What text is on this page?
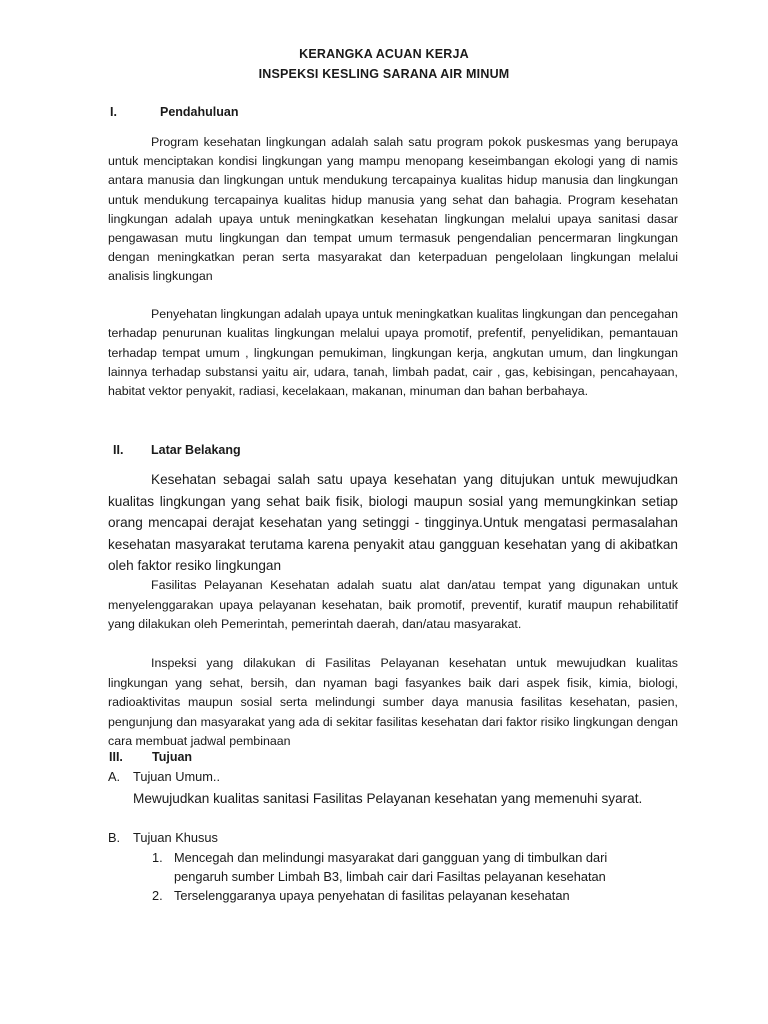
KERANGKA ACUAN KERJA
INSPEKSI KESLING SARANA AIR MINUM
I.	Pendahuluan
Program kesehatan lingkungan adalah salah satu program pokok puskesmas yang berupaya untuk menciptakan kondisi lingkungan yang mampu menopang keseimbangan ekologi yang di namis antara manusia dan lingkungan untuk mendukung tercapainya kualitas hidup manusia dan lingkungan untuk mendukung tercapainya kualitas hidup manusia yang sehat dan bahagia. Program kesehatan lingkungan adalah upaya untuk meningkatkan kesehatan lingkungan melalui upaya sanitasi dasar pengawasan mutu lingkungan dan tempat umum termasuk pengendalian pencermaran lingkungan dengan meningkatkan peran serta masyarakat dan keterpaduan pengelolaan lingkungan melalui analisis lingkungan
Penyehatan lingkungan adalah upaya untuk meningkatkan kualitas lingkungan dan pencegahan terhadap penurunan kualitas lingkungan melalui upaya promotif, prefentif, penyelidikan, pemantauan terhadap tempat umum , lingkungan pemukiman, lingkungan kerja, angkutan umum, dan lingkungan lainnya terhadap substansi yaitu air, udara, tanah, limbah padat, cair , gas, kebisingan, pencahayaan, habitat vektor penyakit, radiasi, kecelakaan, makanan, minuman dan bahan berbahaya.
II. Latar Belakang
Kesehatan sebagai salah satu upaya kesehatan yang ditujukan untuk mewujudkan kualitas lingkungan yang sehat baik fisik, biologi maupun sosial yang memungkinkan setiap orang mencapai derajat kesehatan yang setinggi - tingginya.Untuk mengatasi permasalahan kesehatan masyarakat terutama karena penyakit atau gangguan kesehatan yang di akibatkan oleh faktor resiko lingkungan
Fasilitas Pelayanan Kesehatan adalah suatu alat dan/atau tempat yang digunakan untuk menyelenggarakan upaya pelayanan kesehatan, baik promotif, preventif, kuratif maupun rehabilitatif yang dilakukan oleh Pemerintah, pemerintah daerah, dan/atau masyarakat.
Inspeksi yang dilakukan di Fasilitas Pelayanan kesehatan untuk mewujudkan kualitas lingkungan yang sehat, bersih, dan nyaman bagi fasyankes baik dari aspek fisik, kimia, biologi, radioaktivitas maupun sosial serta melindungi sumber daya manusia fasilitas kesehatan, pasien, pengunjung dan masyarakat yang ada di sekitar fasilitas kesehatan dari faktor risiko lingkungan dengan cara membuat jadwal pembinaan
III. Tujuan
A. Tujuan Umum..
Mewujudkan kualitas sanitasi Fasilitas Pelayanan kesehatan yang memenuhi syarat.
B. Tujuan Khusus
1. Mencegah dan melindungi masyarakat dari gangguan yang di timbulkan dari
pengaruh sumber Limbah B3, limbah cair dari Fasiltas pelayanan kesehatan
2. Terselenggaranya upaya penyehatan di fasilitas pelayanan kesehatan
